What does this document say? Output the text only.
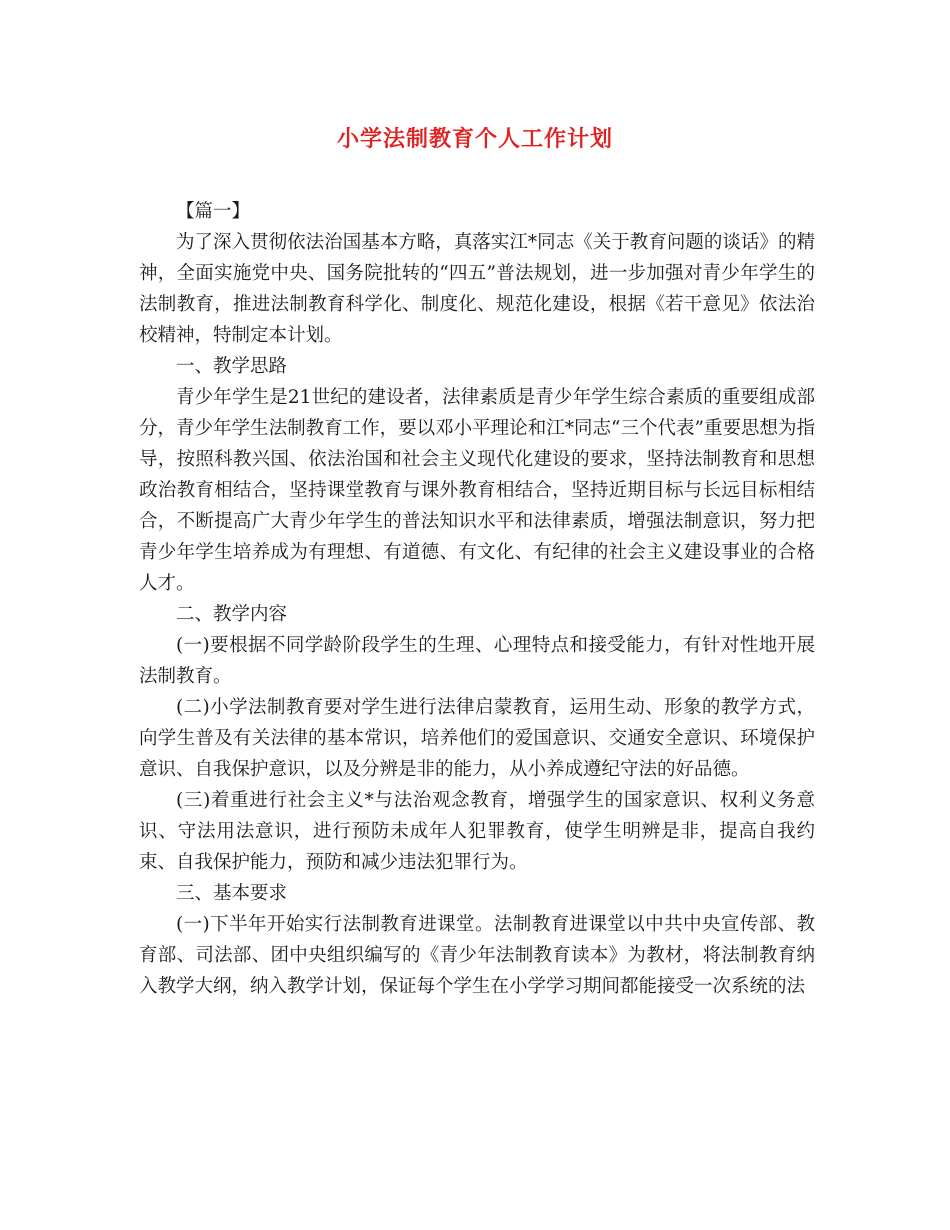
小学法制教育个人工作计划

【篇一】

为了深入贯彻依法治国基本方略，真落实江*同志《关于教育问题的谈话》的精神，全面实施党中央、国务院批转的“四五”普法规划，进一步加强对青少年学生的法制教育，推进法制教育科学化、制度化、规范化建设，根据《若干意见》依法治校精神，特制定本计划。

一、教学思路

青少年学生是21世纪的建设者，法律素质是青少年学生综合素质的重要组成部分，青少年学生法制教育工作，要以邓小平理论和江*同志“三个代表”重要思想为指导，按照科教兴国、依法治国和社会主义现代化建设的要求，坚持法制教育和思想政治教育相结合，坚持课堂教育与课外教育相结合，坚持近期目标与长远目标相结合，不断提高广大青少年学生的普法知识水平和法律素质，增强法制意识，努力把青少年学生培养成为有理想、有道德、有文化、有纪律的社会主义建设事业的合格人才。

二、教学内容

(一)要根据不同学龄阶段学生的生理、心理特点和接受能力，有针对性地开展法制教育。

(二)小学法制教育要对学生进行法律启蒙教育，运用生动、形象的教学方式，向学生普及有关法律的基本常识，培养他们的爱国意识、交通安全意识、环境保护意识、自我保护意识，以及分辨是非的能力，从小养成遵纪守法的好品德。

(三)着重进行社会主义*与法治观念教育，增强学生的国家意识、权利义务意识、守法用法意识，进行预防未成年人犯罪教育，使学生明辨是非，提高自我约束、自我保护能力，预防和减少违法犯罪行为。

三、基本要求

(一)下半年开始实行法制教育进课堂。法制教育进课堂以中共中央宣传部、教育部、司法部、团中央组织编写的《青少年法制教育读本》为教材，将法制教育纳入教学大纲，纳入教学计划，保证每个学生在小学学习期间都能接受一次系统的法
